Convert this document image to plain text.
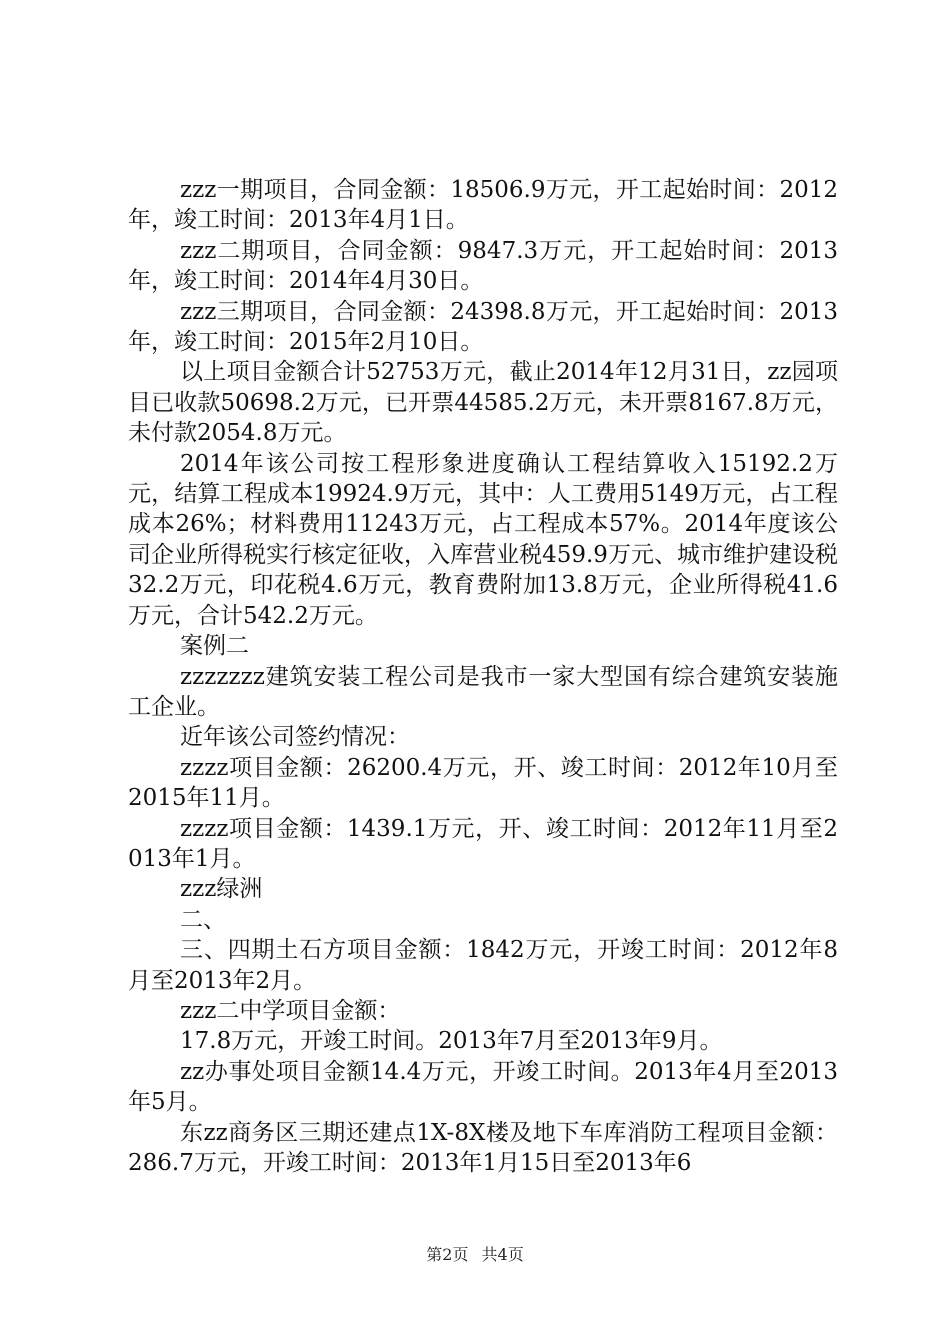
zzz一期项目，合同金额：18506.9万元，开工起始时间：2012年，竣工时间：2013年4月1日。

zzz二期项目，合同金额：9847.3万元，开工起始时间：2013年，竣工时间：2014年4月30日。

zzz三期项目，合同金额：24398.8万元，开工起始时间：2013年，竣工时间：2015年2月10日。

以上项目金额合计52753万元，截止2014年12月31日，zz园项目已收款50698.2万元，已开票44585.2万元，未开票8167.8万元，未付款2054.8万元。

2014年该公司按工程形象进度确认工程结算收入15192.2万元，结算工程成本19924.9万元，其中：人工费用5149万元，占工程成本26%；材料费用11243万元，占工程成本57%。2014年度该公司企业所得税实行核定征收，入库营业税459.9万元、城市维护建设税32.2万元，印花税4.6万元，教育费附加13.8万元，企业所得税41.6万元，合计542.2万元。

案例二

zzzzzzz建筑安装工程公司是我市一家大型国有综合建筑安装施工企业。

近年该公司签约情况：

zzzz项目金额：26200.4万元，开、竣工时间：2012年10月至2015年11月。

zzzz项目金额：1439.1万元，开、竣工时间：2012年11月至2013年1月。

zzz绿洲

二、

三、四期土石方项目金额：1842万元，开竣工时间：2012年8月至2013年2月。

zzz二中学项目金额：

17.8万元，开竣工时间。2013年7月至2013年9月。

zz办事处项目金额14.4万元，开竣工时间。2013年4月至2013年5月。

东zz商务区三期还建点1X-8X楼及地下车库消防工程项目金额：286.7万元，开竣工时间：2013年1月15日至2013年6

第2页 共4页
